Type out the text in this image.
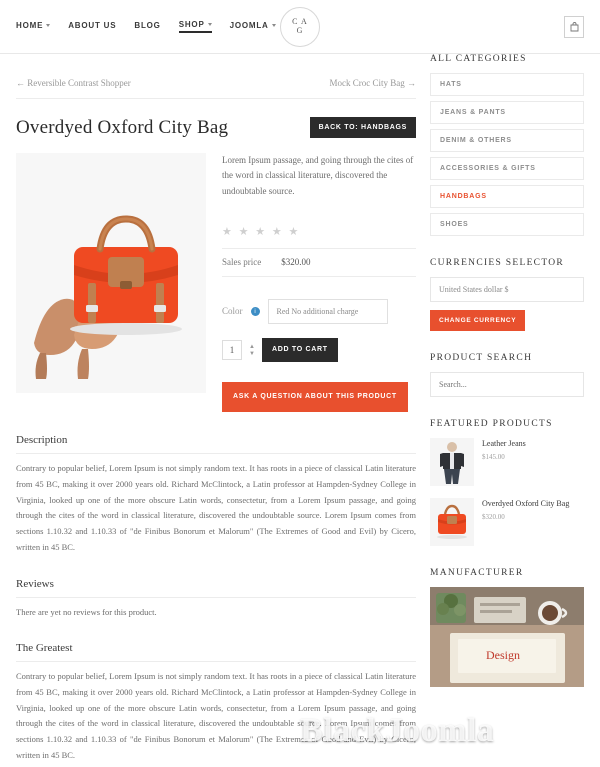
HOME	ABOUT US BLOG SHOP	JOOMLA	C A
G
← Reversible Contrast Shopper	Mock Croc City Bag →
Overdyed Oxford City Bag	BACK TO: HANDBAGS
Lorem Ipsum passage, and going through the cites of the word in classical literature, discovered the undoubtable source.
★ ★ ★ ★ ★
Sales price $320.00
Color	i	Red No additional charge
1	▲
▼
ADD TO CART
ASK A QUESTION ABOUT THIS PRODUCT
Description

Contrary to popular belief, Lorem Ipsum is not simply random text. It has roots in a piece of classical Latin literature from 45 BC, making it over 2000 years old. Richard McClintock, a Latin professor at Hampden-Sydney College in Virginia, looked up one of the more obscure Latin words, consectetur, from a Lorem Ipsum passage, and going through the cites of the word in classical literature, discovered the undoubtable source. Lorem Ipsum comes from sections 1.10.32 and 1.10.33 of "de Finibus Bonorum et Malorum" (The Extremes of Good and Evil) by Cicero, written in 45 BC.

Reviews

There are yet no reviews for this product.

The Greatest

Contrary to popular belief, Lorem Ipsum is not simply random text. It has roots in a piece of classical Latin literature from 45 BC, making it over 2000 years old. Richard McClintock, a Latin professor at Hampden-Sydney College in Virginia, looked up one of the more obscure Latin words, consectetur, from a Lorem Ipsum passage, and going through the cites of the word in classical literature, discovered the undoubtable source. Lorem Ipsum comes from sections 1.10.32 and 1.10.33 of "de Finibus Bonorum et Malorum" (The Extremes of Good and Evil) by Cicero, written in 45 BC.

ALL CATEGORIES
HATS
JEANS & PANTS
DENIM & OTHERS
ACCESSORIES & GIFTS
HANDBAGS
SHOES
CURRENCIES SELECTOR
United States dollar $
CHANGE CURRENCY
PRODUCT SEARCH
Search...
FEATURED PRODUCTS
Leather Jeans
$145.00
Overdyed Oxford City Bag
$320.00
MANUFACTURER
Design
BlackJoomla
